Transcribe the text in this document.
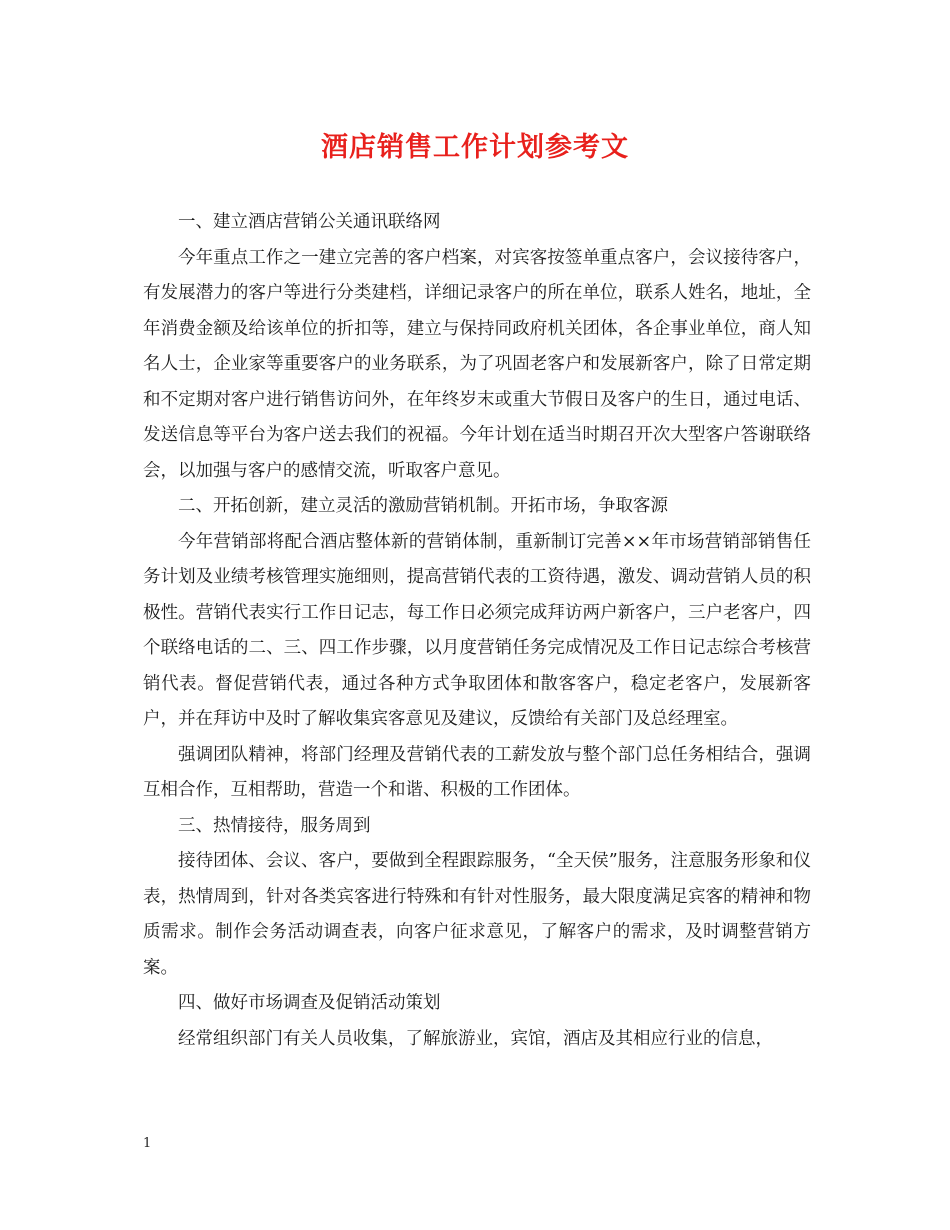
酒店销售工作计划参考文

一、建立酒店营销公关通讯联络网

今年重点工作之一建立完善的客户档案，对宾客按签单重点客户，会议接待客户，有发展潜力的客户等进行分类建档，详细记录客户的所在单位，联系人姓名，地址，全年消费金额及给该单位的折扣等，建立与保持同政府机关团体，各企事业单位，商人知名人士，企业家等重要客户的业务联系，为了巩固老客户和发展新客户，除了日常定期和不定期对客户进行销售访问外，在年终岁末或重大节假日及客户的生日，通过电话、发送信息等平台为客户送去我们的祝福。今年计划在适当时期召开次大型客户答谢联络会，以加强与客户的感情交流，听取客户意见。

二、开拓创新，建立灵活的激励营销机制。开拓市场，争取客源

今年营销部将配合酒店整体新的营销体制，重新制订完善××年市场营销部销售任务计划及业绩考核管理实施细则，提高营销代表的工资待遇，激发、调动营销人员的积极性。营销代表实行工作日记志，每工作日必须完成拜访两户新客户，三户老客户，四个联络电话的二、三、四工作步骤，以月度营销任务完成情况及工作日记志综合考核营销代表。督促营销代表，通过各种方式争取团体和散客客户，稳定老客户，发展新客户，并在拜访中及时了解收集宾客意见及建议，反馈给有关部门及总经理室。

强调团队精神，将部门经理及营销代表的工薪发放与整个部门总任务相结合，强调互相合作，互相帮助，营造一个和谐、积极的工作团体。

三、热情接待，服务周到

接待团体、会议、客户，要做到全程跟踪服务，“全天侯”服务，注意服务形象和仪表，热情周到，针对各类宾客进行特殊和有针对性服务，最大限度满足宾客的精神和物质需求。制作会务活动调查表，向客户征求意见，了解客户的需求，及时调整营销方案。

四、做好市场调查及促销活动策划

经常组织部门有关人员收集，了解旅游业，宾馆，酒店及其相应行业的信息，

1
